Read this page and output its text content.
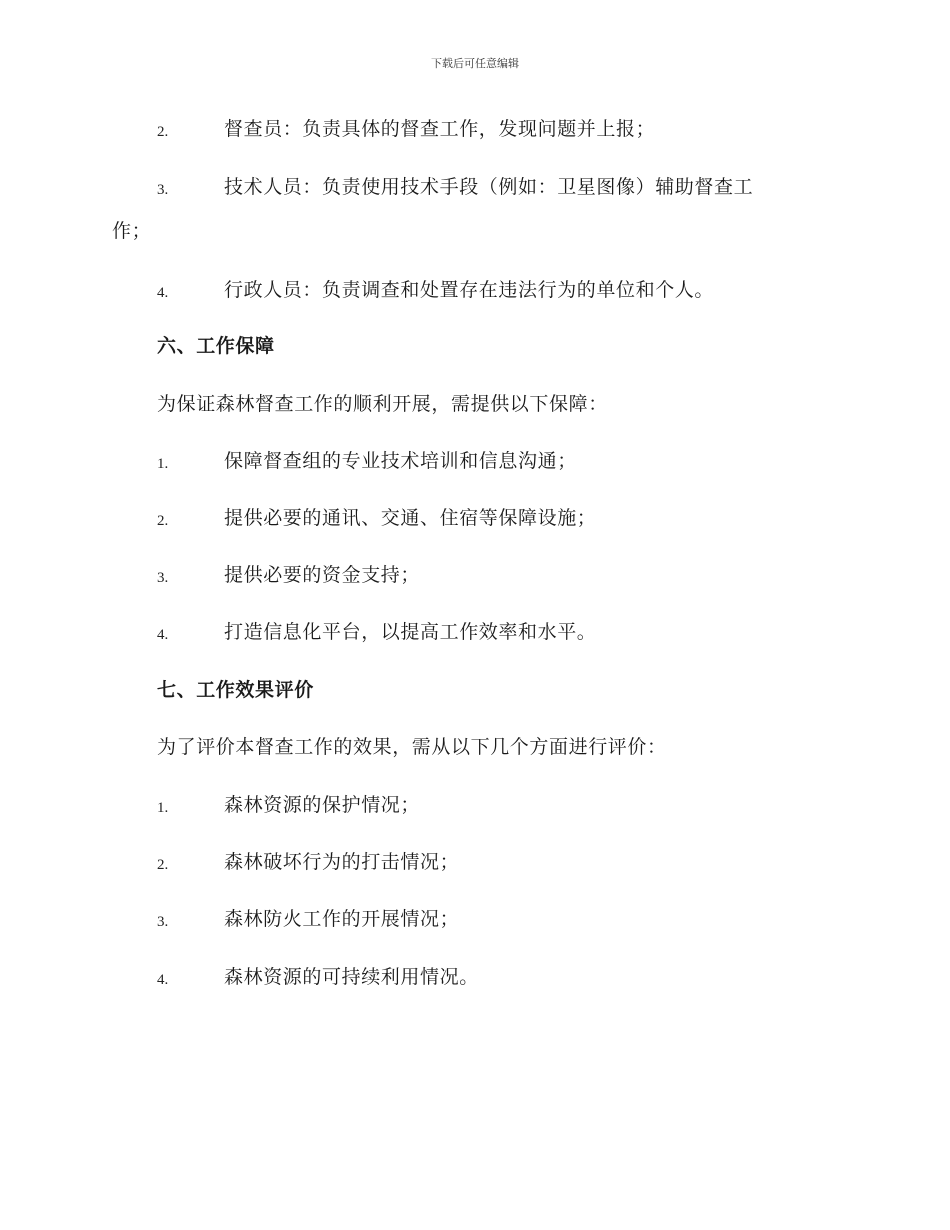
下载后可任意编辑
2.	督查员：负责具体的督查工作，发现问题并上报；
3.	技术人员：负责使用技术手段（例如：卫星图像）辅助督查工
作；
4.	行政人员：负责调查和处置存在违法行为的单位和个人。
六、工作保障
为保证森林督查工作的顺利开展，需提供以下保障：
1.	保障督查组的专业技术培训和信息沟通；
2.	提供必要的通讯、交通、住宿等保障设施；
3.	提供必要的资金支持；
4.	打造信息化平台，以提高工作效率和水平。
七、工作效果评价
为了评价本督查工作的效果，需从以下几个方面进行评价：
1.	森林资源的保护情况；
2.	森林破坏行为的打击情况；
3.	森林防火工作的开展情况；
4.	森林资源的可持续利用情况。
